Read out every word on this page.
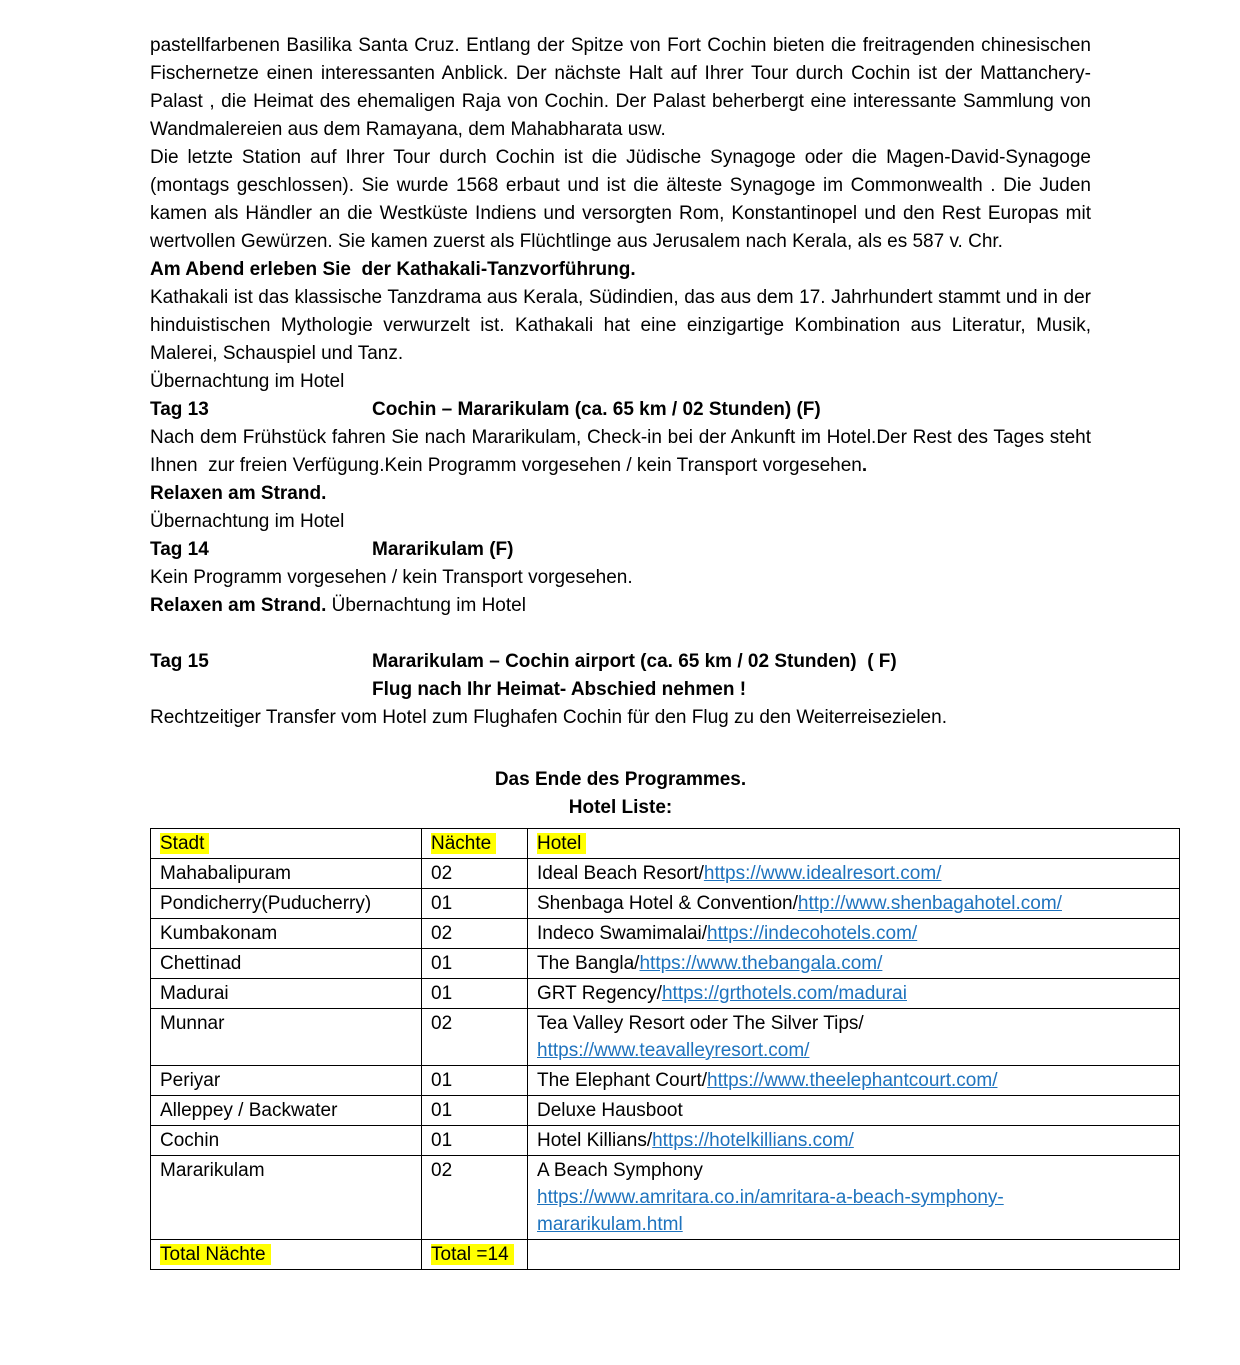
pastellfarbenen Basilika Santa Cruz. Entlang der Spitze von Fort Cochin bieten die freitragenden chinesischen Fischernetze einen interessanten Anblick. Der nächste Halt auf Ihrer Tour durch Cochin ist der Mattanchery-Palast , die Heimat des ehemaligen Raja von Cochin. Der Palast beherbergt eine interessante Sammlung von Wandmalereien aus dem Ramayana, dem Mahabharata usw.

Die letzte Station auf Ihrer Tour durch Cochin ist die Jüdische Synagoge oder die Magen-David-Synagoge (montags geschlossen). Sie wurde 1568 erbaut und ist die älteste Synagoge im Commonwealth . Die Juden kamen als Händler an die Westküste Indiens und versorgten Rom, Konstantinopel und den Rest Europas mit wertvollen Gewürzen. Sie kamen zuerst als Flüchtlinge aus Jerusalem nach Kerala, als es 587 v. Chr.

Am Abend erleben Sie  der Kathakali-Tanzvorführung.

Kathakali ist das klassische Tanzdrama aus Kerala, Südindien, das aus dem 17. Jahrhundert stammt und in der hinduistischen Mythologie verwurzelt ist. Kathakali hat eine einzigartige Kombination aus Literatur, Musik, Malerei, Schauspiel und Tanz.

Übernachtung im Hotel

Tag 13	Cochin – Mararikulam (ca. 65 km / 02 Stunden) (F)

Nach dem Frühstück fahren Sie nach Mararikulam, Check-in bei der Ankunft im Hotel.Der Rest des Tages steht Ihnen  zur freien Verfügung.Kein Programm vorgesehen / kein Transport vorgesehen.

Relaxen am Strand.

Übernachtung im Hotel

Tag 14	Mararikulam (F)

Kein Programm vorgesehen / kein Transport vorgesehen.

Relaxen am Strand. Übernachtung im Hotel

Tag 15	Mararikulam – Cochin airport (ca. 65 km / 02 Stunden)  ( F)
Flug nach Ihr Heimat- Abschied nehmen !

Rechtzeitiger Transfer vom Hotel zum Flughafen Cochin für den Flug zu den Weiterreisezielen.

Das Ende des Programmes.

Hotel Liste:

Stadt	Nächte	Hotel
Mahabalipuram	02	Ideal Beach Resort/https://www.idealresort.com/

Pondicherry(Puducherry)	01	Shenbaga Hotel & Convention/http://www.shenbagahotel.com/

Kumbakonam	02	Indeco Swamimalai/https://indecohotels.com/

Chettinad	01	The Bangla/https://www.thebangala.com/

Madurai	01	GRT Regency/https://grthotels.com/madurai

Munnar	02	Tea Valley Resort oder The Silver Tips/
https://www.teavalleyresort.com/

Periyar	01	The Elephant Court/https://www.theelephantcourt.com/

Alleppey / Backwater	01	Deluxe Hausboot

Cochin	01	Hotel Killians/https://hotelkillians.com/

Mararikulam	02	A Beach Symphony
https://www.amritara.co.in/amritara-a-beach-symphony-
mararikulam.html

Total Nächte	Total =14	
